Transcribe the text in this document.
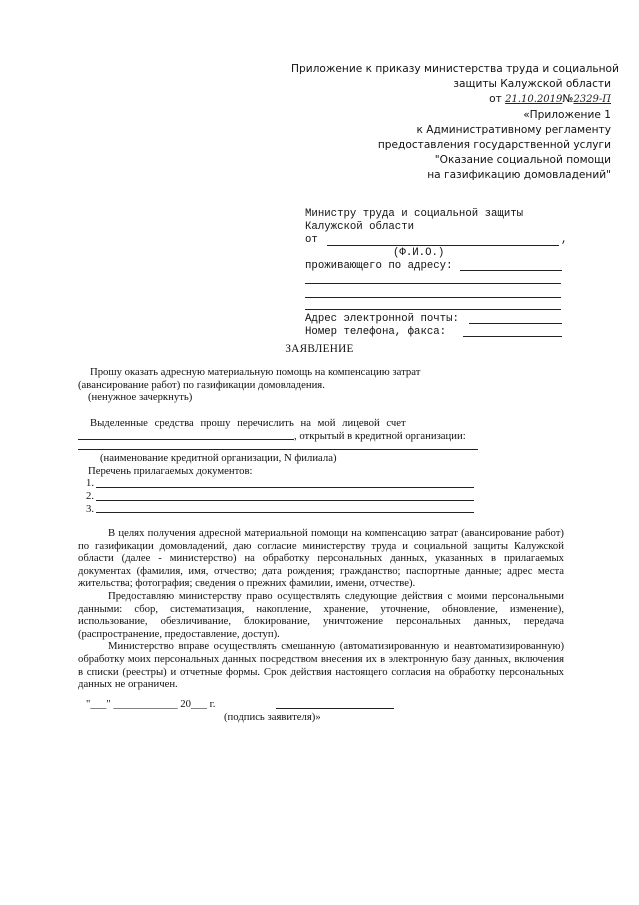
Приложение к приказу министерства труда и социальной
защиты Калужской области
от 21.10.2019№2329-П
«Приложение 1
к Административному регламенту
предоставления государственной услуги
"Оказание социальной помощи
на газификацию домовладений"
Министру труда и социальной защиты
Калужской области
от	,
(Ф.И.О.)
проживающего по адресу:
Адрес электронной почты:
Номер телефона, факса:
ЗАЯВЛЕНИЕ

Прошу оказать адресную материальную помощь на компенсацию затрат

(авансирование работ) по газификации домовладения.

(ненужное зачеркнуть)

Выделенные средства прошу перечислить на мой лицевой счет

, открытый в кредитной организации:

(наименование кредитной организации, N филиала)

Перечень прилагаемых документов:

1.
2.
3.

В целях получения адресной материальной помощи на компенсацию затрат (авансирование работ) по газификации домовладений, даю согласие министерству труда и социальной защиты Калужской области (далее - министерство) на обработку персональных данных, указанных в прилагаемых документах (фамилия, имя, отчество; дата рождения; гражданство; паспортные данные; адрес места жительства; фотография; сведения о прежних фамилии, имени, отчестве).

Предоставляю министерству право осуществлять следующие действия с моими персональными данными: сбор, систематизация, накопление, хранение, уточнение, обновление, изменение), использование, обезличивание, блокирование, уничтожение персональных данных, передача (распространение, предоставление, доступ).

Министерство вправе осуществлять смешанную (автоматизированную и неавтоматизированную) обработку моих персональных данных посредством внесения их в электронную базу данных, включения в списки (реестры) и отчетные формы. Срок действия настоящего согласия на обработку персональных данных не ограничен.

"___" ____________ 20___ г.
(подпись заявителя)»
